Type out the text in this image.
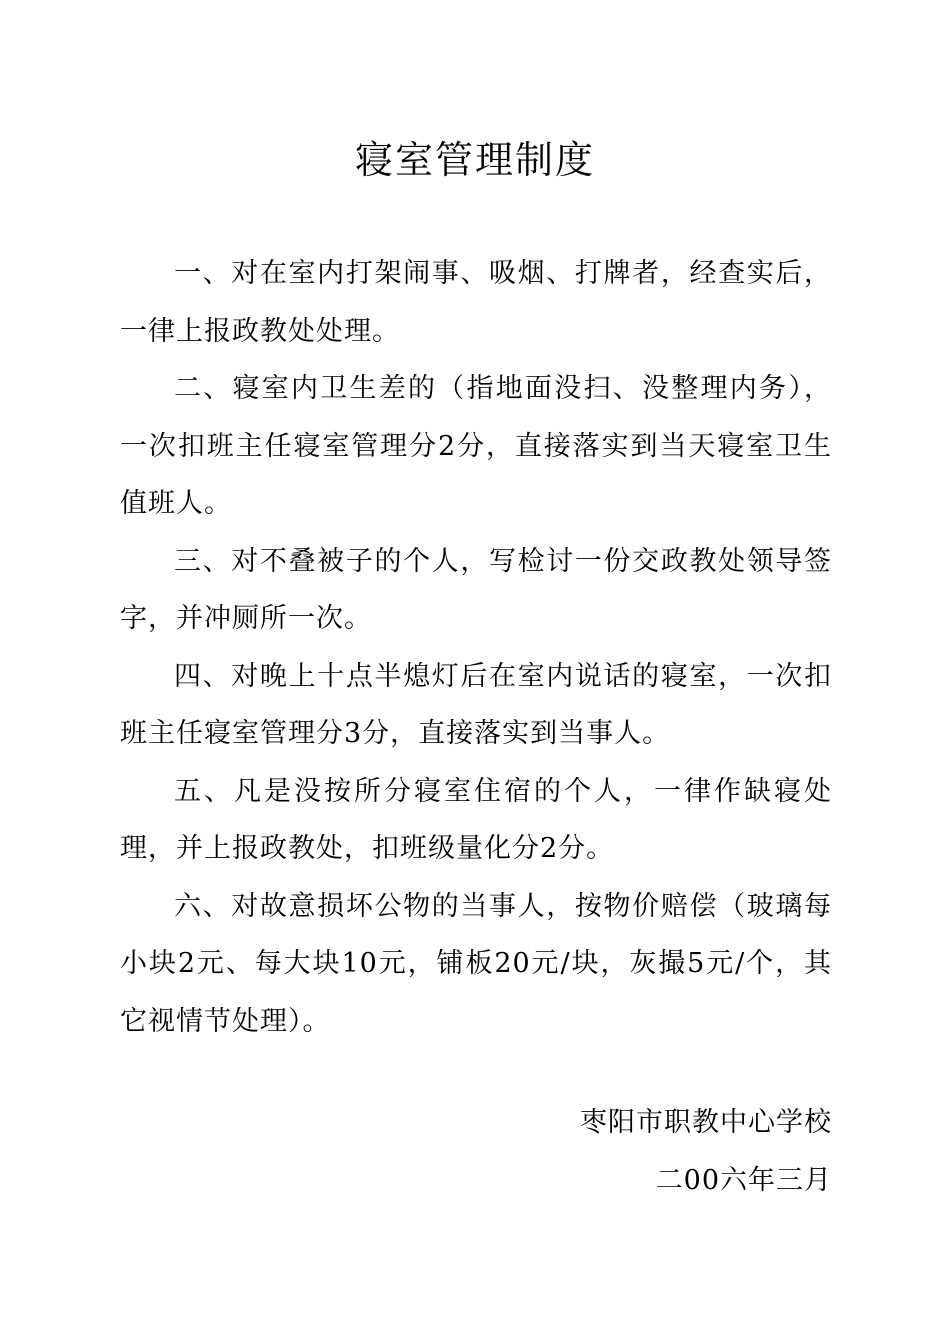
寝室管理制度

一、对在室内打架闹事、吸烟、打牌者，经查实后，一律上报政教处处理。

二、寝室内卫生差的（指地面没扫、没整理内务），一次扣班主任寝室管理分2分，直接落实到当天寝室卫生值班人。

三、对不叠被子的个人，写检讨一份交政教处领导签字，并冲厕所一次。

四、对晚上十点半熄灯后在室内说话的寝室，一次扣班主任寝室管理分3分，直接落实到当事人。

五、凡是没按所分寝室住宿的个人，一律作缺寝处理，并上报政教处，扣班级量化分2分。

六、对故意损坏公物的当事人，按物价赔偿（玻璃每小块2元、每大块10元，铺板20元/块，灰撮5元/个，其它视情节处理）。

枣阳市职教中心学校
二00六年三月
